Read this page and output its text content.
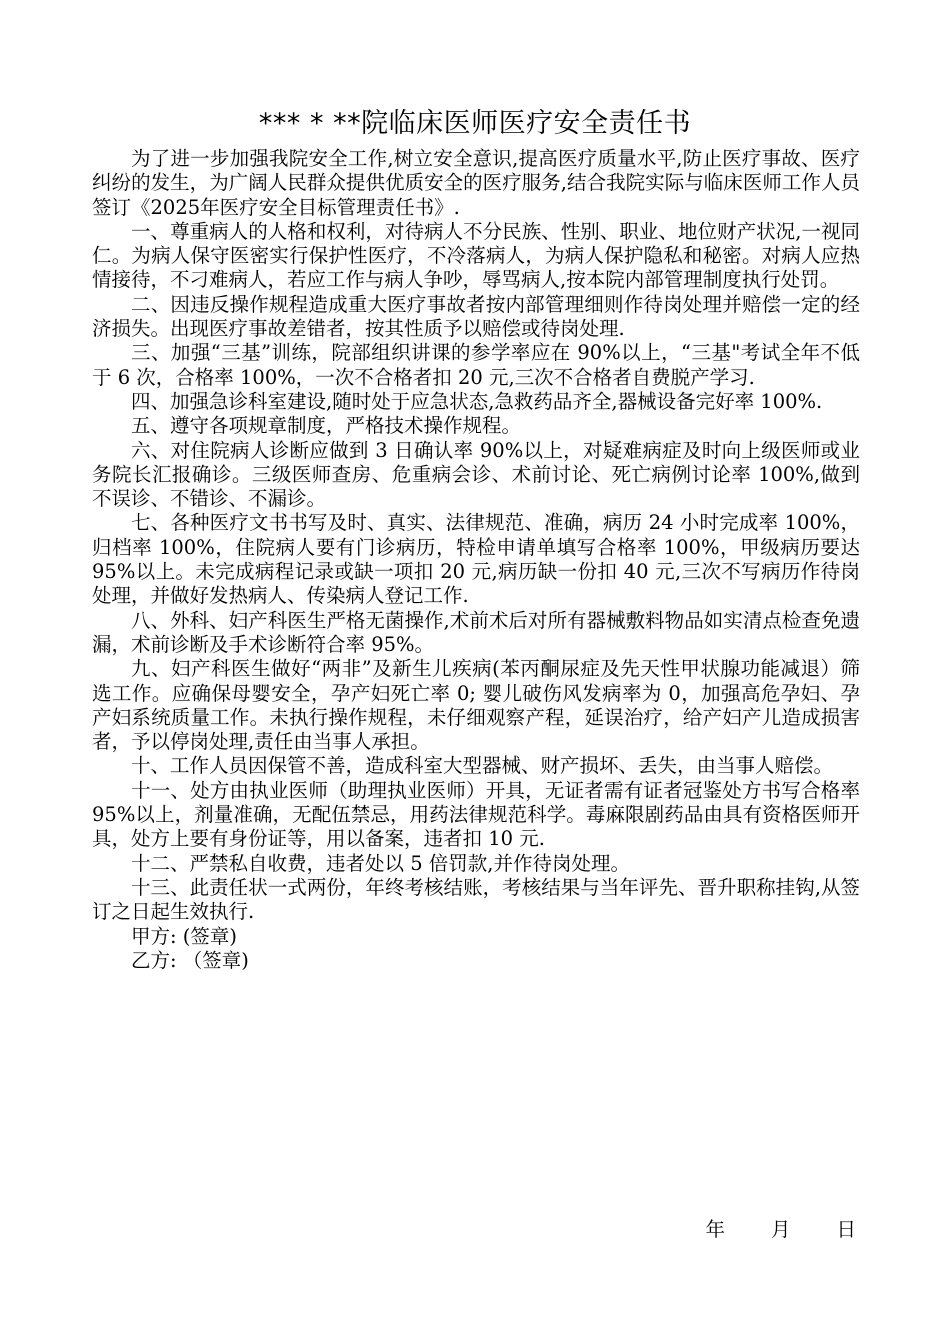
*** * **院临床医师医疗安全责任书

为了进一步加强我院安全工作,树立安全意识,提高医疗质量水平,防止医疗事故、医疗纠纷的发生，为广阔人民群众提供优质安全的医疗服务,结合我院实际与临床医师工作人员签订《2025年医疗安全目标管理责任书》.

一、尊重病人的人格和权利，对待病人不分民族、性别、职业、地位财产状况,一视同仁。为病人保守医密实行保护性医疗，不冷落病人，为病人保护隐私和秘密。对病人应热情接待，不刁难病人，若应工作与病人争吵，辱骂病人,按本院内部管理制度执行处罚。

二、因违反操作规程造成重大医疗事故者按内部管理细则作待岗处理并赔偿一定的经济损失。出现医疗事故差错者，按其性质予以赔偿或待岗处理.

三、加强“三基”训练，院部组织讲课的参学率应在 90%以上，“三基"考试全年不低于 6 次，合格率 100%，一次不合格者扣 20 元,三次不合格者自费脱产学习.

四、加强急诊科室建设,随时处于应急状态,急救药品齐全,器械设备完好率 100%.

五、遵守各项规章制度，严格技术操作规程。

六、对住院病人诊断应做到 3 日确认率 90%以上，对疑难病症及时向上级医师或业务院长汇报确诊。三级医师查房、危重病会诊、术前讨论、死亡病例讨论率 100%,做到不误诊、不错诊、不漏诊。

七、各种医疗文书书写及时、真实、法律规范、准确，病历 24 小时完成率 100%，归档率 100%，住院病人要有门诊病历，特检申请单填写合格率 100%，甲级病历要达 95%以上。未完成病程记录或缺一项扣 20 元,病历缺一份扣 40 元,三次不写病历作待岗处理，并做好发热病人、传染病人登记工作.

八、外科、妇产科医生严格无菌操作,术前术后对所有器械敷料物品如实清点检查免遗漏，术前诊断及手术诊断符合率 95%。

九、妇产科医生做好“两非”及新生儿疾病(苯丙酮尿症及先天性甲状腺功能减退）筛选工作。应确保母婴安全，孕产妇死亡率 0; 婴儿破伤风发病率为 0，加强高危孕妇、孕产妇系统质量工作。未执行操作规程，未仔细观察产程，延误治疗，给产妇产儿造成损害者，予以停岗处理,责任由当事人承担。

十、工作人员因保管不善，造成科室大型器械、财产损坏、丢失，由当事人赔偿。

十一、处方由执业医师（助理执业医师）开具，无证者需有证者冠鉴处方书写合格率 95%以上，剂量准确，无配伍禁忌，用药法律规范科学。毒麻限剧药品由具有资格医师开具，处方上要有身份证等，用以备案，违者扣 10 元.

十二、严禁私自收费，违者处以 5 倍罚款,并作待岗处理。

十三、此责任状一式两份，年终考核结账，考核结果与当年评先、晋升职称挂钩,从签订之日起生效执行.

甲方: (签章)

乙方: （签章)

年 月 日
